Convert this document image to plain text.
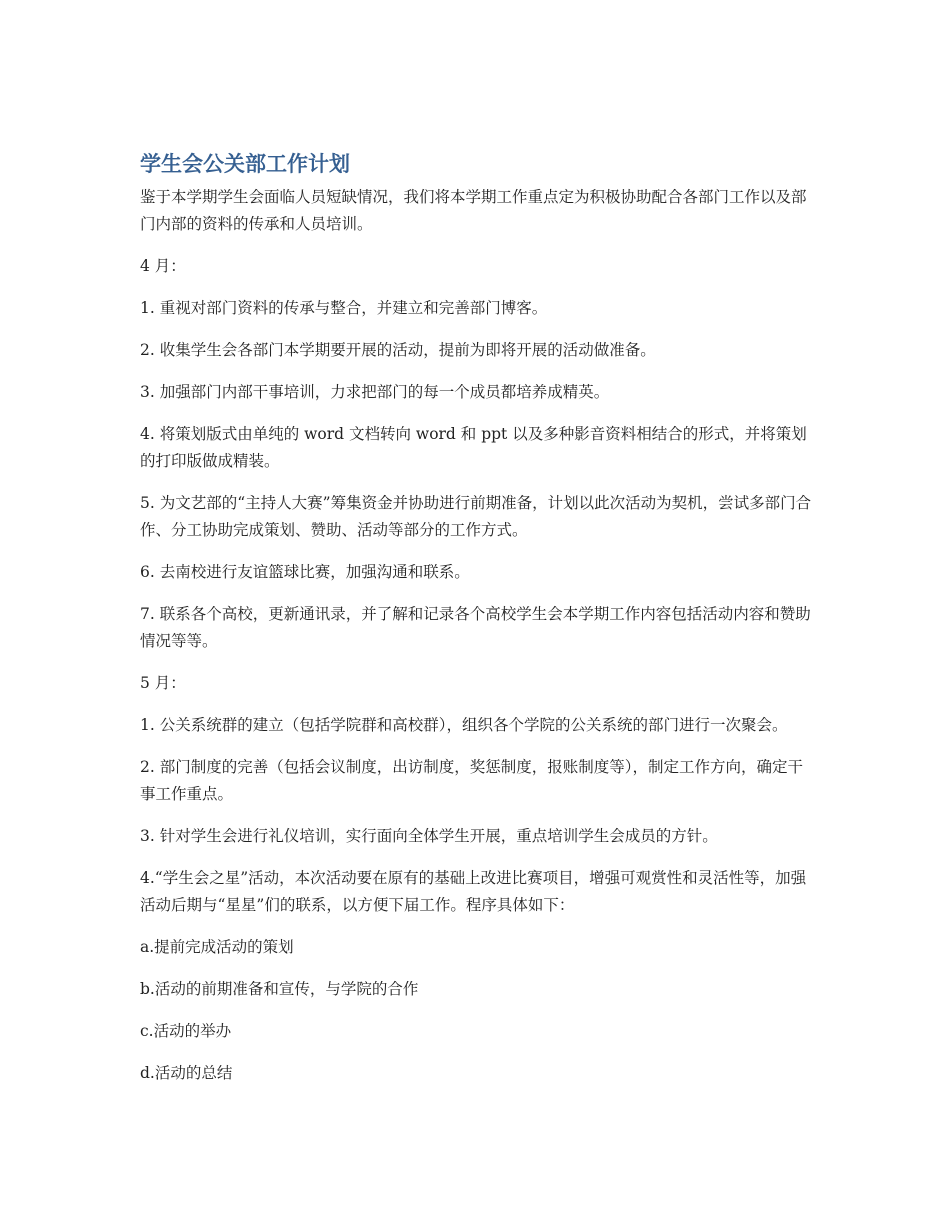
学生会公关部工作计划

鉴于本学期学生会面临人员短缺情况，我们将本学期工作重点定为积极协助配合各部门工作以及部门内部的资料的传承和人员培训。

4 月：

1. 重视对部门资料的传承与整合，并建立和完善部门博客。

2. 收集学生会各部门本学期要开展的活动，提前为即将开展的活动做准备。

3. 加强部门内部干事培训，力求把部门的每一个成员都培养成精英。

4. 将策划版式由单纯的 word 文档转向 word 和 ppt 以及多种影音资料相结合的形式，并将策划的打印版做成精装。

5. 为文艺部的“主持人大赛”筹集资金并协助进行前期准备，计划以此次活动为契机，尝试多部门合作、分工协助完成策划、赞助、活动等部分的工作方式。

6. 去南校进行友谊篮球比赛，加强沟通和联系。

7. 联系各个高校，更新通讯录，并了解和记录各个高校学生会本学期工作内容包括活动内容和赞助情况等等。

5 月：

1. 公关系统群的建立（包括学院群和高校群），组织各个学院的公关系统的部门进行一次聚会。

2. 部门制度的完善（包括会议制度，出访制度，奖惩制度，报账制度等），制定工作方向，确定干事工作重点。

3. 针对学生会进行礼仪培训，实行面向全体学生开展，重点培训学生会成员的方针。

4.“学生会之星”活动，本次活动要在原有的基础上改进比赛项目，增强可观赏性和灵活性等，加强活动后期与“星星”们的联系，以方便下届工作。程序具体如下：

a.提前完成活动的策划

b.活动的前期准备和宣传，与学院的合作

c.活动的举办

d.活动的总结
